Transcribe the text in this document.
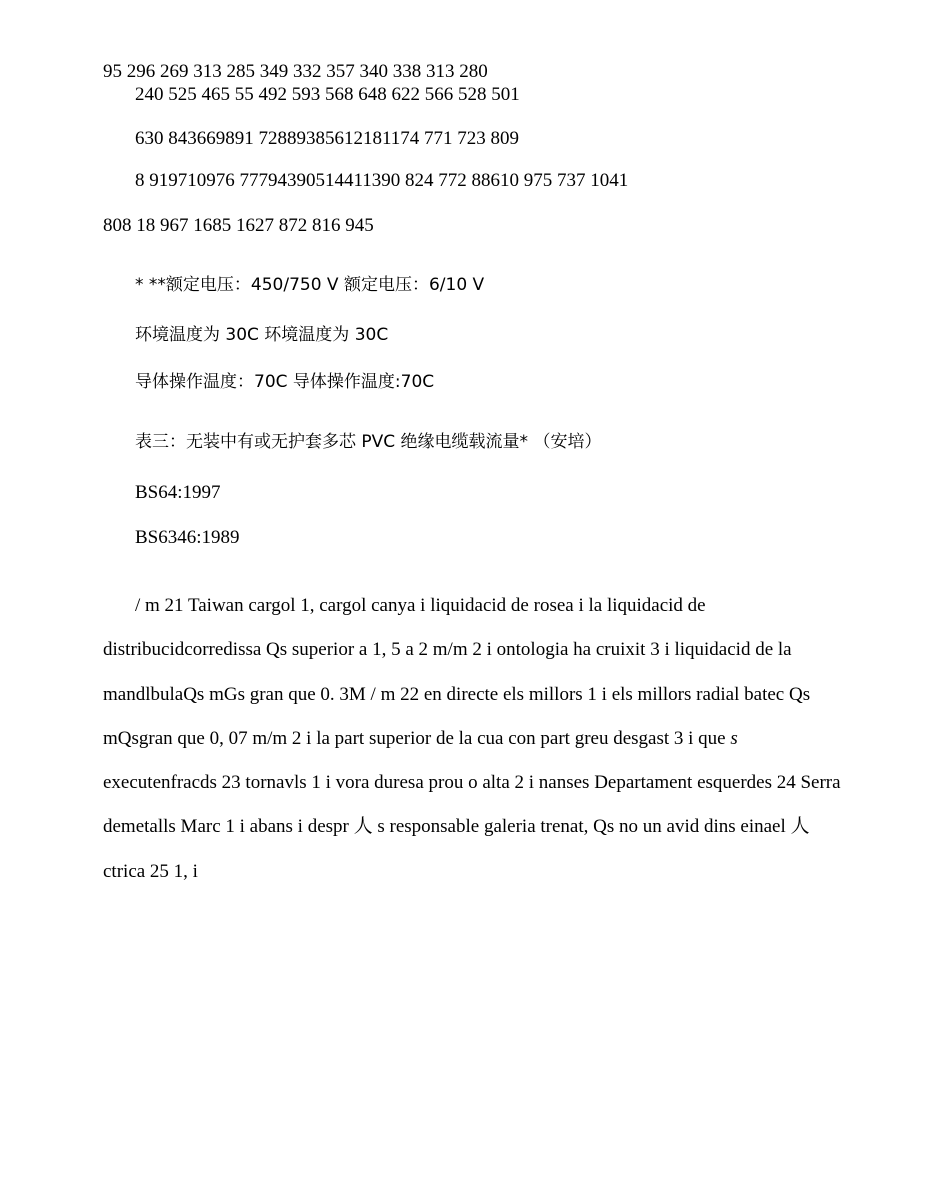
95 296 269 313 285 349 332 357 340 338 313 280
240 525 465 55 492 593 568 648 622 566 528 501
630 843669891 72889385612181174 771 723 809
8 919710976 77794390514411390 824 772 88610 975 737 1041
808 18 967 1685 1627 872 816 945
* **额定电压：450/750 V 额定电压：6/10 V
环境温度为 30C 环境温度为 30C
导体操作温度：70C 导体操作温度:70C
表三：无装中有或无护套多芯 PVC 绝缘电缆载流量* （安培）
BS64:1997
BS6346:1989

/ m 21 Taiwan cargol 1, cargol canya i liquidacid de rosea i la liquidacid de distribucidcorredissa Qs superior a 1, 5 a 2 m/m 2 i ontologia ha cruixit 3 i liquidacid de la mandlbulaQs mGs gran que 0. 3M / m 22 en directe els millors 1 i els millors radial batec Qs mQsgran que 0, 07 m/m 2 i la part superior de la cua con part greu desgast 3 i que s executenfracds 23 tornavls 1 i vora duresa prou o alta 2 i nanses Departament esquerdes 24 Serra demetalls Marc 1 i abans i despr 人 s responsable galeria trenat, Qs no un avid dins einael 人 ctrica 25 1, i
